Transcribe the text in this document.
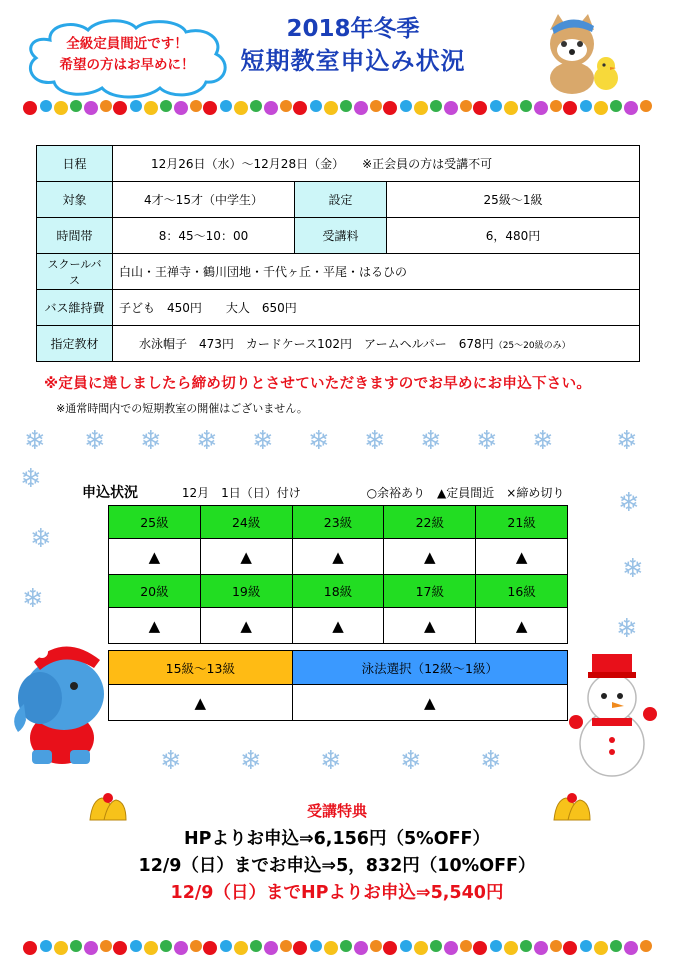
全級定員間近です！
希望の方はお早めに！
2018年冬季
短期教室申込み状況
日程	12月26日（水）～12月28日（金）　　※正会員の方は受講不可		
対象	4才～15才（中学生）	設定	25級～1級
時間帯	8：45～10：00	受講料	6，480円
スクールバス	白山・王禅寺・鶴川団地・千代ヶ丘・平尾・はるひの		
バス維持費	子ども　450円　　大人　650円		
指定教材	水泳帽子　473円　カードケース102円　アームヘルパー　678円（25～20級のみ）		
※定員に達しましたら締め切りとさせていただきますのでお早めにお申込下さい。
※通常時間内での短期教室の開催はございません。
❄ ❄ ❄ ❄ ❄ ❄ ❄ ❄ ❄ ❄ ❄
❄
❄
❄
❄
❄
❄
❄ ❄ ❄ ❄ ❄
申込状況	12月　1日（日）付け	○余裕あり　▲定員間近　×締め切り
25級	24級	23級	22級	21級
▲	▲	▲	▲	▲
20級	19級	18級	17級	16級
▲	▲	▲	▲	▲
15級～13級	泳法選択（12級～1級）
▲	▲
受講特典
HPよりお申込⇒6,156円（5%OFF）
12/9（日）までお申込⇒5，832円（10%OFF）
12/9（日）までHPよりお申込⇒5,540円
